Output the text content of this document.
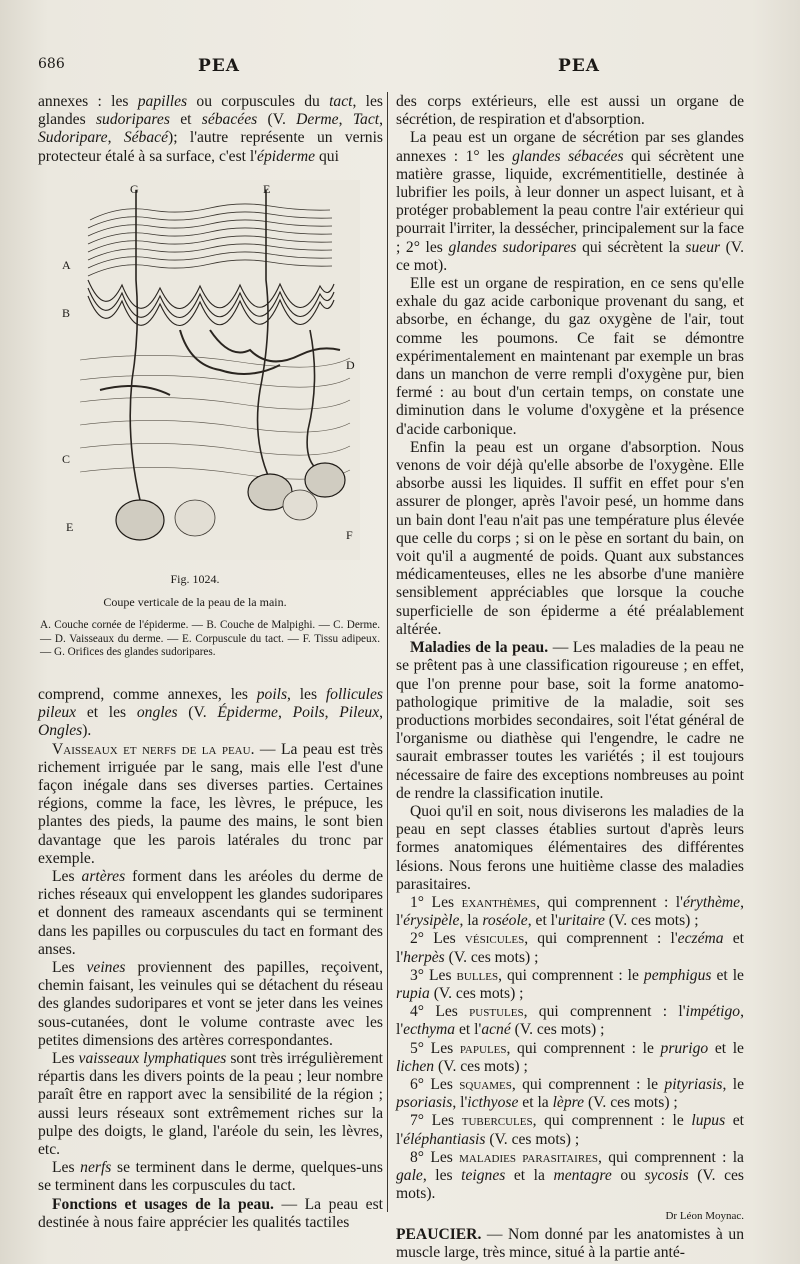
686	PEA	PEA

annexes : les papilles ou corpuscules du tact, les glandes sudoripares et sébacées (V. Derme, Tact, Sudoripare, Sébacé); l'autre représente un vernis protecteur étalé à sa surface, c'est l'épiderme qui

G	E
A
B
D
C
E
F
Fig. 1024.
Coupe verticale de la peau de la main.
A. Couche cornée de l'épiderme. — B. Couche de Malpighi. — C. Derme. — D. Vaisseaux du derme. — E. Corpuscule du tact. — F. Tissu adipeux. — G. Orifices des glandes sudoripares.

comprend, comme annexes, les poils, les follicules pileux et les ongles (V. Épiderme, Poils, Pileux, Ongles).

Vaisseaux et nerfs de la peau. — La peau est très richement irriguée par le sang, mais elle l'est d'une façon inégale dans ses diverses parties. Certaines régions, comme la face, les lèvres, le prépuce, les plantes des pieds, la paume des mains, le sont bien davantage que les parois latérales du tronc par exemple.

Les artères forment dans les aréoles du derme de riches réseaux qui enveloppent les glandes sudoripares et donnent des rameaux ascendants qui se terminent dans les papilles ou corpuscules du tact en formant des anses.

Les veines proviennent des papilles, reçoivent, chemin faisant, les veinules qui se détachent du réseau des glandes sudoripares et vont se jeter dans les veines sous-cutanées, dont le volume contraste avec les petites dimensions des artères correspondantes.

Les vaisseaux lymphatiques sont très irrégulièrement répartis dans les divers points de la peau ; leur nombre paraît être en rapport avec la sensibilité de la région ; aussi leurs réseaux sont extrêmement riches sur la pulpe des doigts, le gland, l'aréole du sein, les lèvres, etc.

Les nerfs se terminent dans le derme, quelques-uns se terminent dans les corpuscules du tact.

Fonctions et usages de la peau. — La peau est destinée à nous faire apprécier les qualités tactiles

des corps extérieurs, elle est aussi un organe de sécrétion, de respiration et d'absorption.

La peau est un organe de sécrétion par ses glandes annexes : 1° les glandes sébacées qui sécrètent une matière grasse, liquide, excrémentitielle, destinée à lubrifier les poils, à leur donner un aspect luisant, et à protéger probablement la peau contre l'air extérieur qui pourrait l'irriter, la dessécher, principalement sur la face ; 2° les glandes sudoripares qui sécrètent la sueur (V. ce mot).

Elle est un organe de respiration, en ce sens qu'elle exhale du gaz acide carbonique provenant du sang, et absorbe, en échange, du gaz oxygène de l'air, tout comme les poumons. Ce fait se démontre expérimentalement en maintenant par exemple un bras dans un manchon de verre rempli d'oxygène pur, bien fermé : au bout d'un certain temps, on constate une diminution dans le volume d'oxygène et la présence d'acide carbonique.

Enfin la peau est un organe d'absorption. Nous venons de voir déjà qu'elle absorbe de l'oxygène. Elle absorbe aussi les liquides. Il suffit en effet pour s'en assurer de plonger, après l'avoir pesé, un homme dans un bain dont l'eau n'ait pas une température plus élevée que celle du corps ; si on le pèse en sortant du bain, on voit qu'il a augmenté de poids. Quant aux substances médicamenteuses, elles ne les absorbe d'une manière sensiblement appréciables que lorsque la couche superficielle de son épiderme a été préalablement altérée.

Maladies de la peau. — Les maladies de la peau ne se prêtent pas à une classification rigoureuse ; en effet, que l'on prenne pour base, soit la forme anatomo-pathologique primitive de la maladie, soit ses productions morbides secondaires, soit l'état général de l'organisme ou diathèse qui l'engendre, le cadre ne saurait embrasser toutes les variétés ; il est toujours nécessaire de faire des exceptions nombreuses au point de rendre la classification inutile.

Quoi qu'il en soit, nous diviserons les maladies de la peau en sept classes établies surtout d'après leurs formes anatomiques élémentaires des différentes lésions. Nous ferons une huitième classe des maladies parasitaires.

1° Les exanthèmes, qui comprennent : l'érythème, l'érysipèle, la roséole, et l'uritaire (V. ces mots) ;

2° Les vésicules, qui comprennent : l'eczéma et l'herpès (V. ces mots) ;

3° Les bulles, qui comprennent : le pemphigus et le rupia (V. ces mots) ;

4° Les pustules, qui comprennent : l'impétigo, l'ecthyma et l'acné (V. ces mots) ;

5° Les papules, qui comprennent : le prurigo et le lichen (V. ces mots) ;

6° Les squames, qui comprennent : le pityriasis, le psoriasis, l'icthyose et la lèpre (V. ces mots) ;

7° Les tubercules, qui comprennent : le lupus et l'éléphantiasis (V. ces mots) ;

8° Les maladies parasitaires, qui comprennent : la gale, les teignes et la mentagre ou sycosis (V. ces mots).

Dr Léon Moynac.

PEAUCIER. — Nom donné par les anatomistes à un muscle large, très mince, situé à la partie anté-
